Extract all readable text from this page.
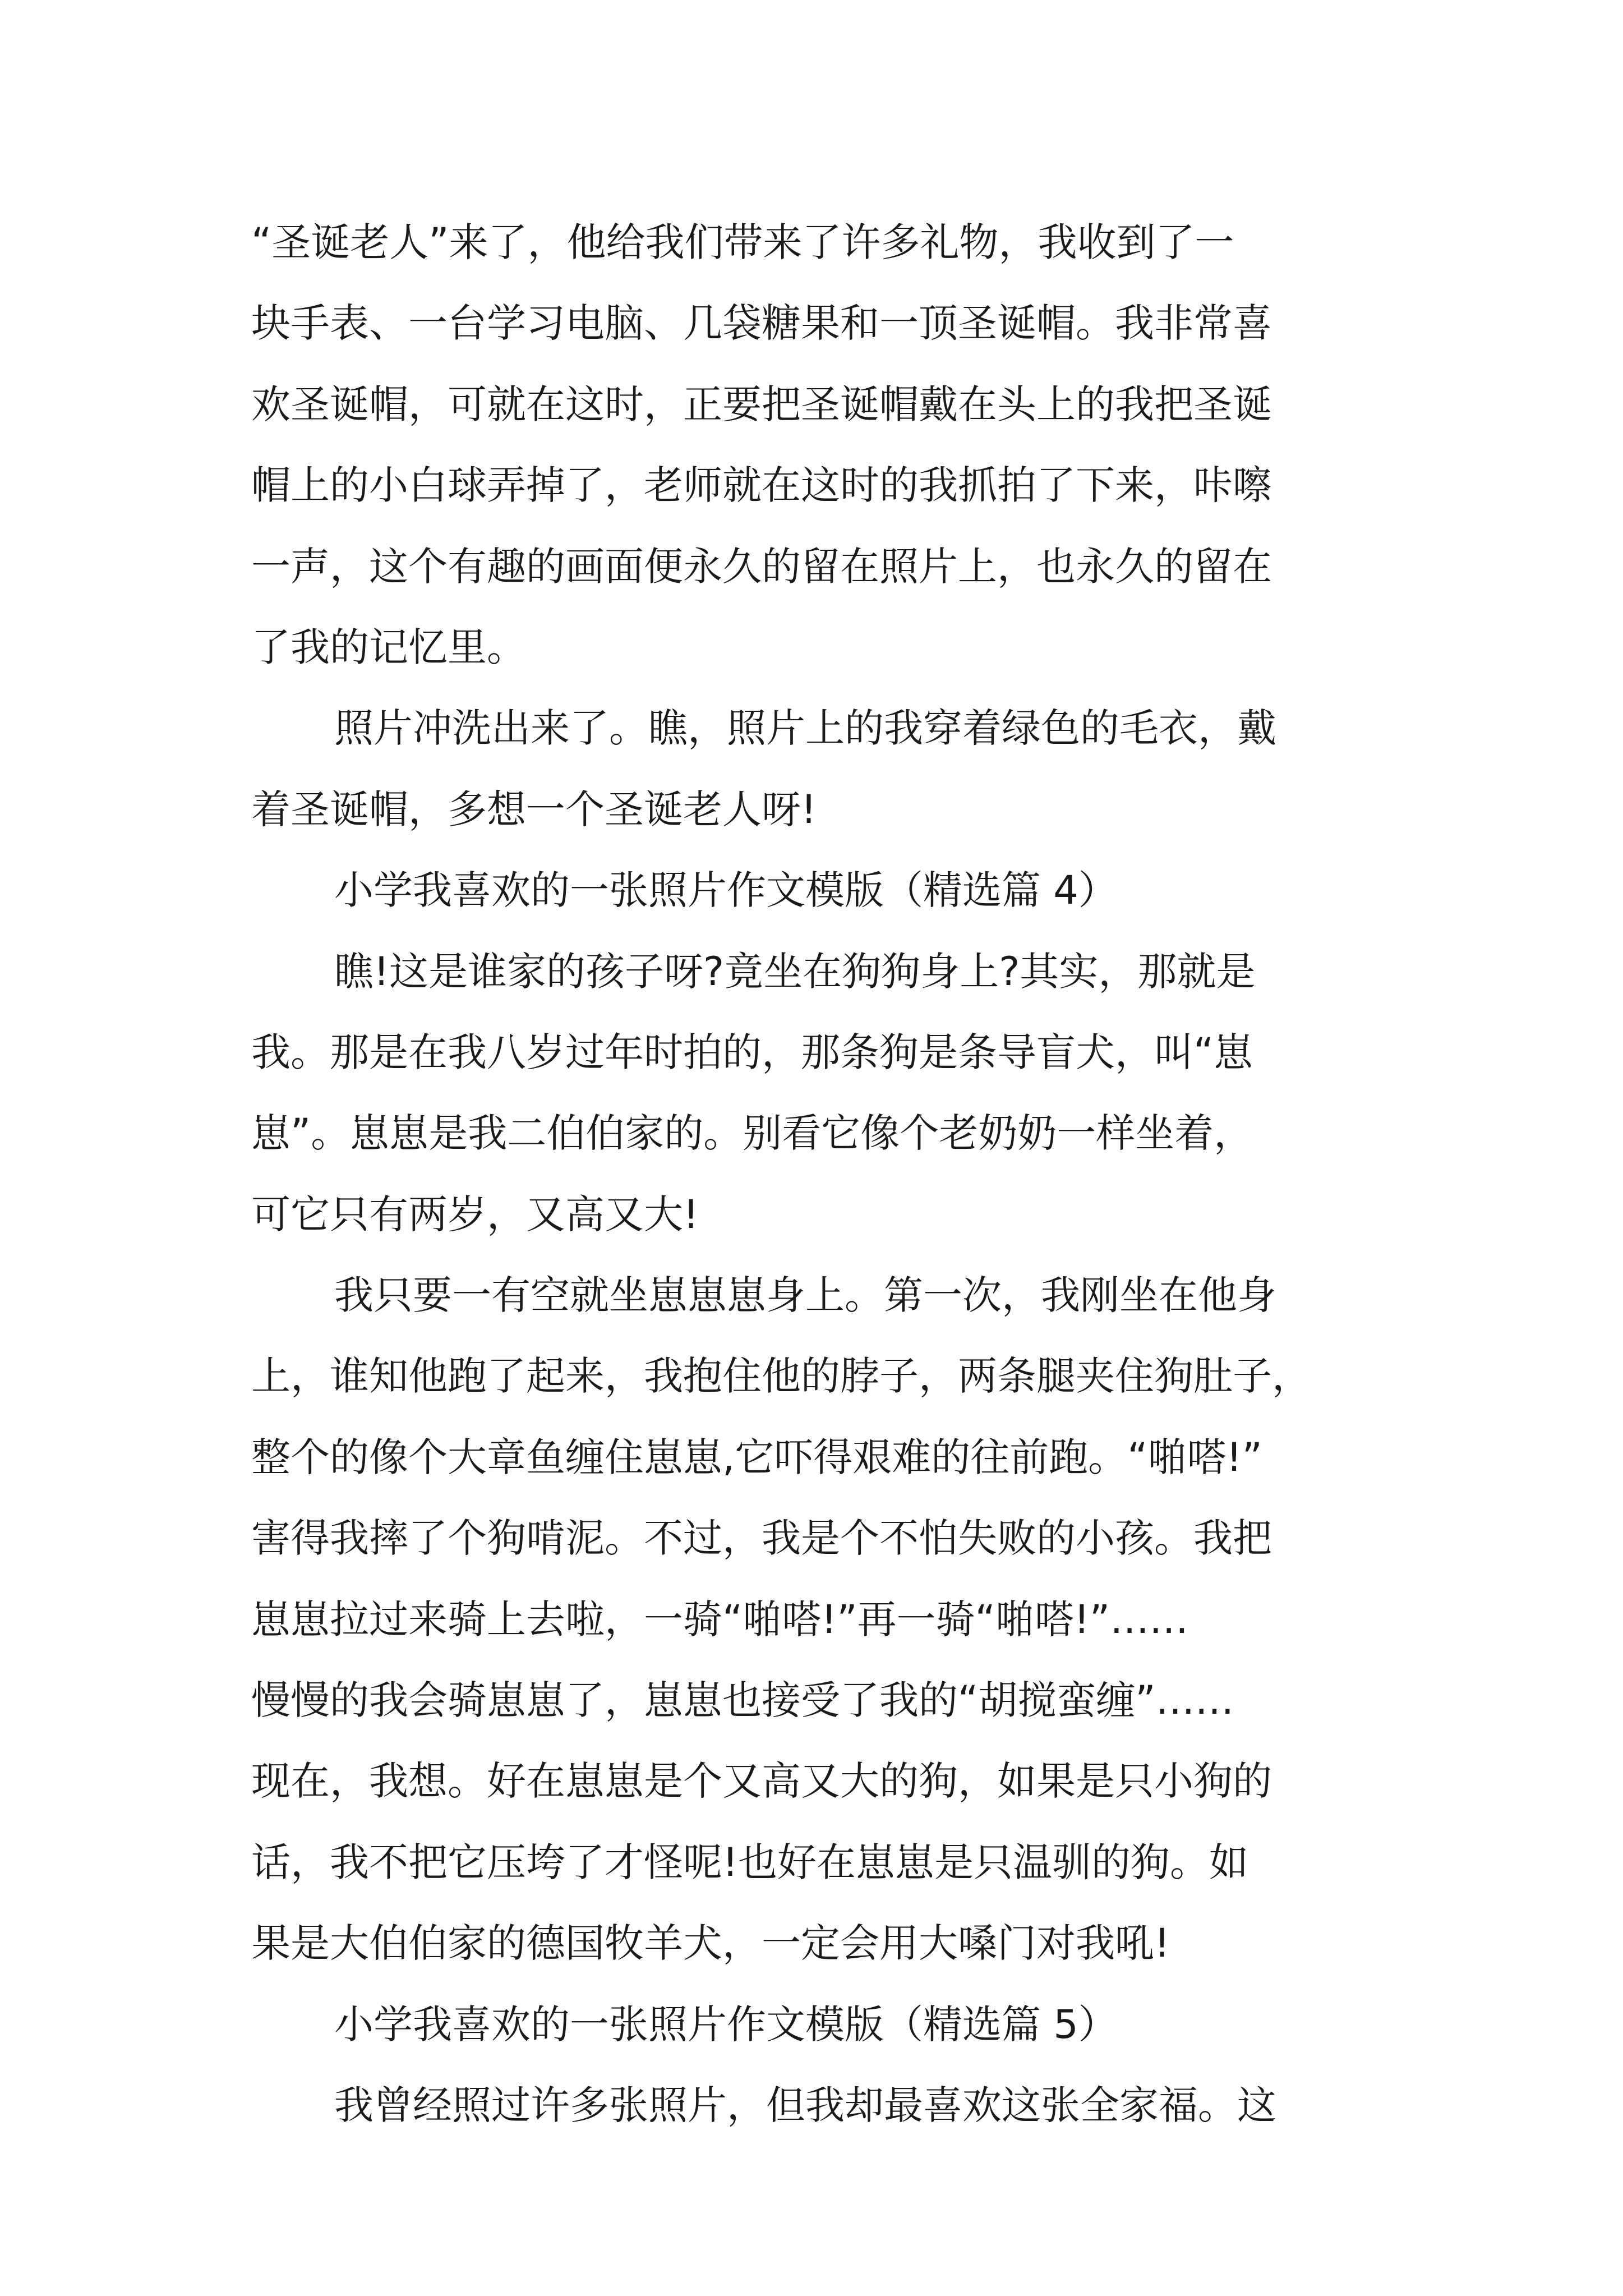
“圣诞老人”来了，他给我们带来了许多礼物，我收到了一
块手表、一台学习电脑、几袋糖果和一顶圣诞帽。我非常喜
欢圣诞帽，可就在这时，正要把圣诞帽戴在头上的我把圣诞
帽上的小白球弄掉了，老师就在这时的我抓拍了下来，咔嚓
一声，这个有趣的画面便永久的留在照片上，也永久的留在
了我的记忆里。
照片冲洗出来了。瞧，照片上的我穿着绿色的毛衣，戴
着圣诞帽，多想一个圣诞老人呀!
小学我喜欢的一张照片作文模版（精选篇 4）
瞧!这是谁家的孩子呀?竟坐在狗狗身上?其实，那就是
我。那是在我八岁过年时拍的，那条狗是条导盲犬，叫“崽
崽”。崽崽是我二伯伯家的。别看它像个老奶奶一样坐着，
可它只有两岁，又高又大!
我只要一有空就坐崽崽崽身上。第一次，我刚坐在他身
上，谁知他跑了起来，我抱住他的脖子，两条腿夹住狗肚子，
整个的像个大章鱼缠住崽崽,它吓得艰难的往前跑。“啪嗒!”
害得我摔了个狗啃泥。不过，我是个不怕失败的小孩。我把
崽崽拉过来骑上去啦，一骑“啪嗒!”再一骑“啪嗒!”……
慢慢的我会骑崽崽了，崽崽也接受了我的“胡搅蛮缠”……
现在，我想。好在崽崽是个又高又大的狗，如果是只小狗的
话，我不把它压垮了才怪呢!也好在崽崽是只温驯的狗。如
果是大伯伯家的德国牧羊犬，一定会用大嗓门对我吼!
小学我喜欢的一张照片作文模版（精选篇 5）
我曾经照过许多张照片，但我却最喜欢这张全家福。这
